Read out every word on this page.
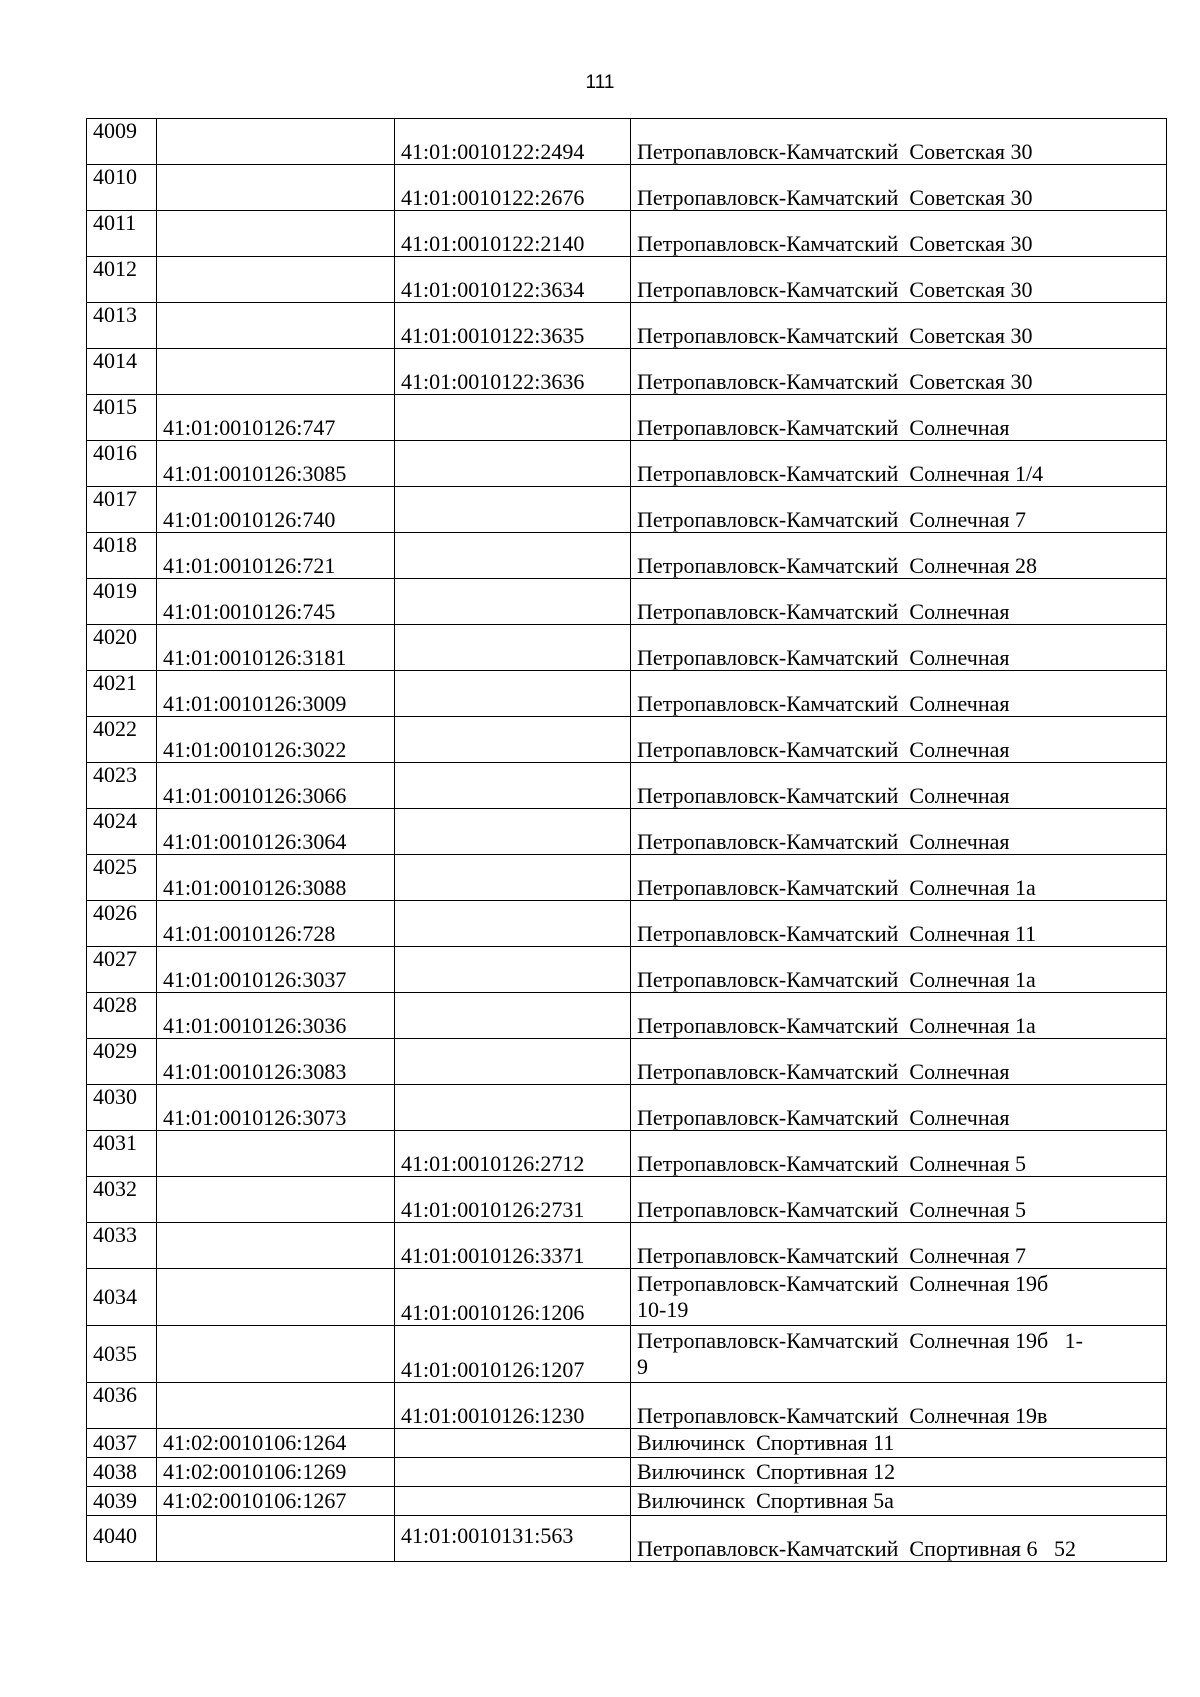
111
4009		41:01:0010122:2494	Петропавловск-Камчатский  Советская 30
4010		41:01:0010122:2676	Петропавловск-Камчатский  Советская 30
4011		41:01:0010122:2140	Петропавловск-Камчатский  Советская 30
4012		41:01:0010122:3634	Петропавловск-Камчатский  Советская 30
4013		41:01:0010122:3635	Петропавловск-Камчатский  Советская 30
4014		41:01:0010122:3636	Петропавловск-Камчатский  Советская 30
4015	41:01:0010126:747		Петропавловск-Камчатский  Солнечная
4016	41:01:0010126:3085		Петропавловск-Камчатский  Солнечная 1/4
4017	41:01:0010126:740		Петропавловск-Камчатский  Солнечная 7
4018	41:01:0010126:721		Петропавловск-Камчатский  Солнечная 28
4019	41:01:0010126:745		Петропавловск-Камчатский  Солнечная
4020	41:01:0010126:3181		Петропавловск-Камчатский  Солнечная
4021	41:01:0010126:3009		Петропавловск-Камчатский  Солнечная
4022	41:01:0010126:3022		Петропавловск-Камчатский  Солнечная
4023	41:01:0010126:3066		Петропавловск-Камчатский  Солнечная
4024	41:01:0010126:3064		Петропавловск-Камчатский  Солнечная
4025	41:01:0010126:3088		Петропавловск-Камчатский  Солнечная 1а
4026	41:01:0010126:728		Петропавловск-Камчатский  Солнечная 11
4027	41:01:0010126:3037		Петропавловск-Камчатский  Солнечная 1а
4028	41:01:0010126:3036		Петропавловск-Камчатский  Солнечная 1а
4029	41:01:0010126:3083		Петропавловск-Камчатский  Солнечная
4030	41:01:0010126:3073		Петропавловск-Камчатский  Солнечная
4031		41:01:0010126:2712	Петропавловск-Камчатский  Солнечная 5
4032		41:01:0010126:2731	Петропавловск-Камчатский  Солнечная 5
4033		41:01:0010126:3371	Петропавловск-Камчатский  Солнечная 7
4034		41:01:0010126:1206	Петропавловск-Камчатский  Солнечная 19б
10-19
4035		41:01:0010126:1207	Петропавловск-Камчатский  Солнечная 19б   1-
9
4036		41:01:0010126:1230	Петропавловск-Камчатский  Солнечная 19в
4037	41:02:0010106:1264		Вилючинск  Спортивная 11
4038	41:02:0010106:1269		Вилючинск  Спортивная 12
4039	41:02:0010106:1267		Вилючинск  Спортивная 5а
4040		41:01:0010131:563	Петропавловск-Камчатский  Спортивная 6   52
